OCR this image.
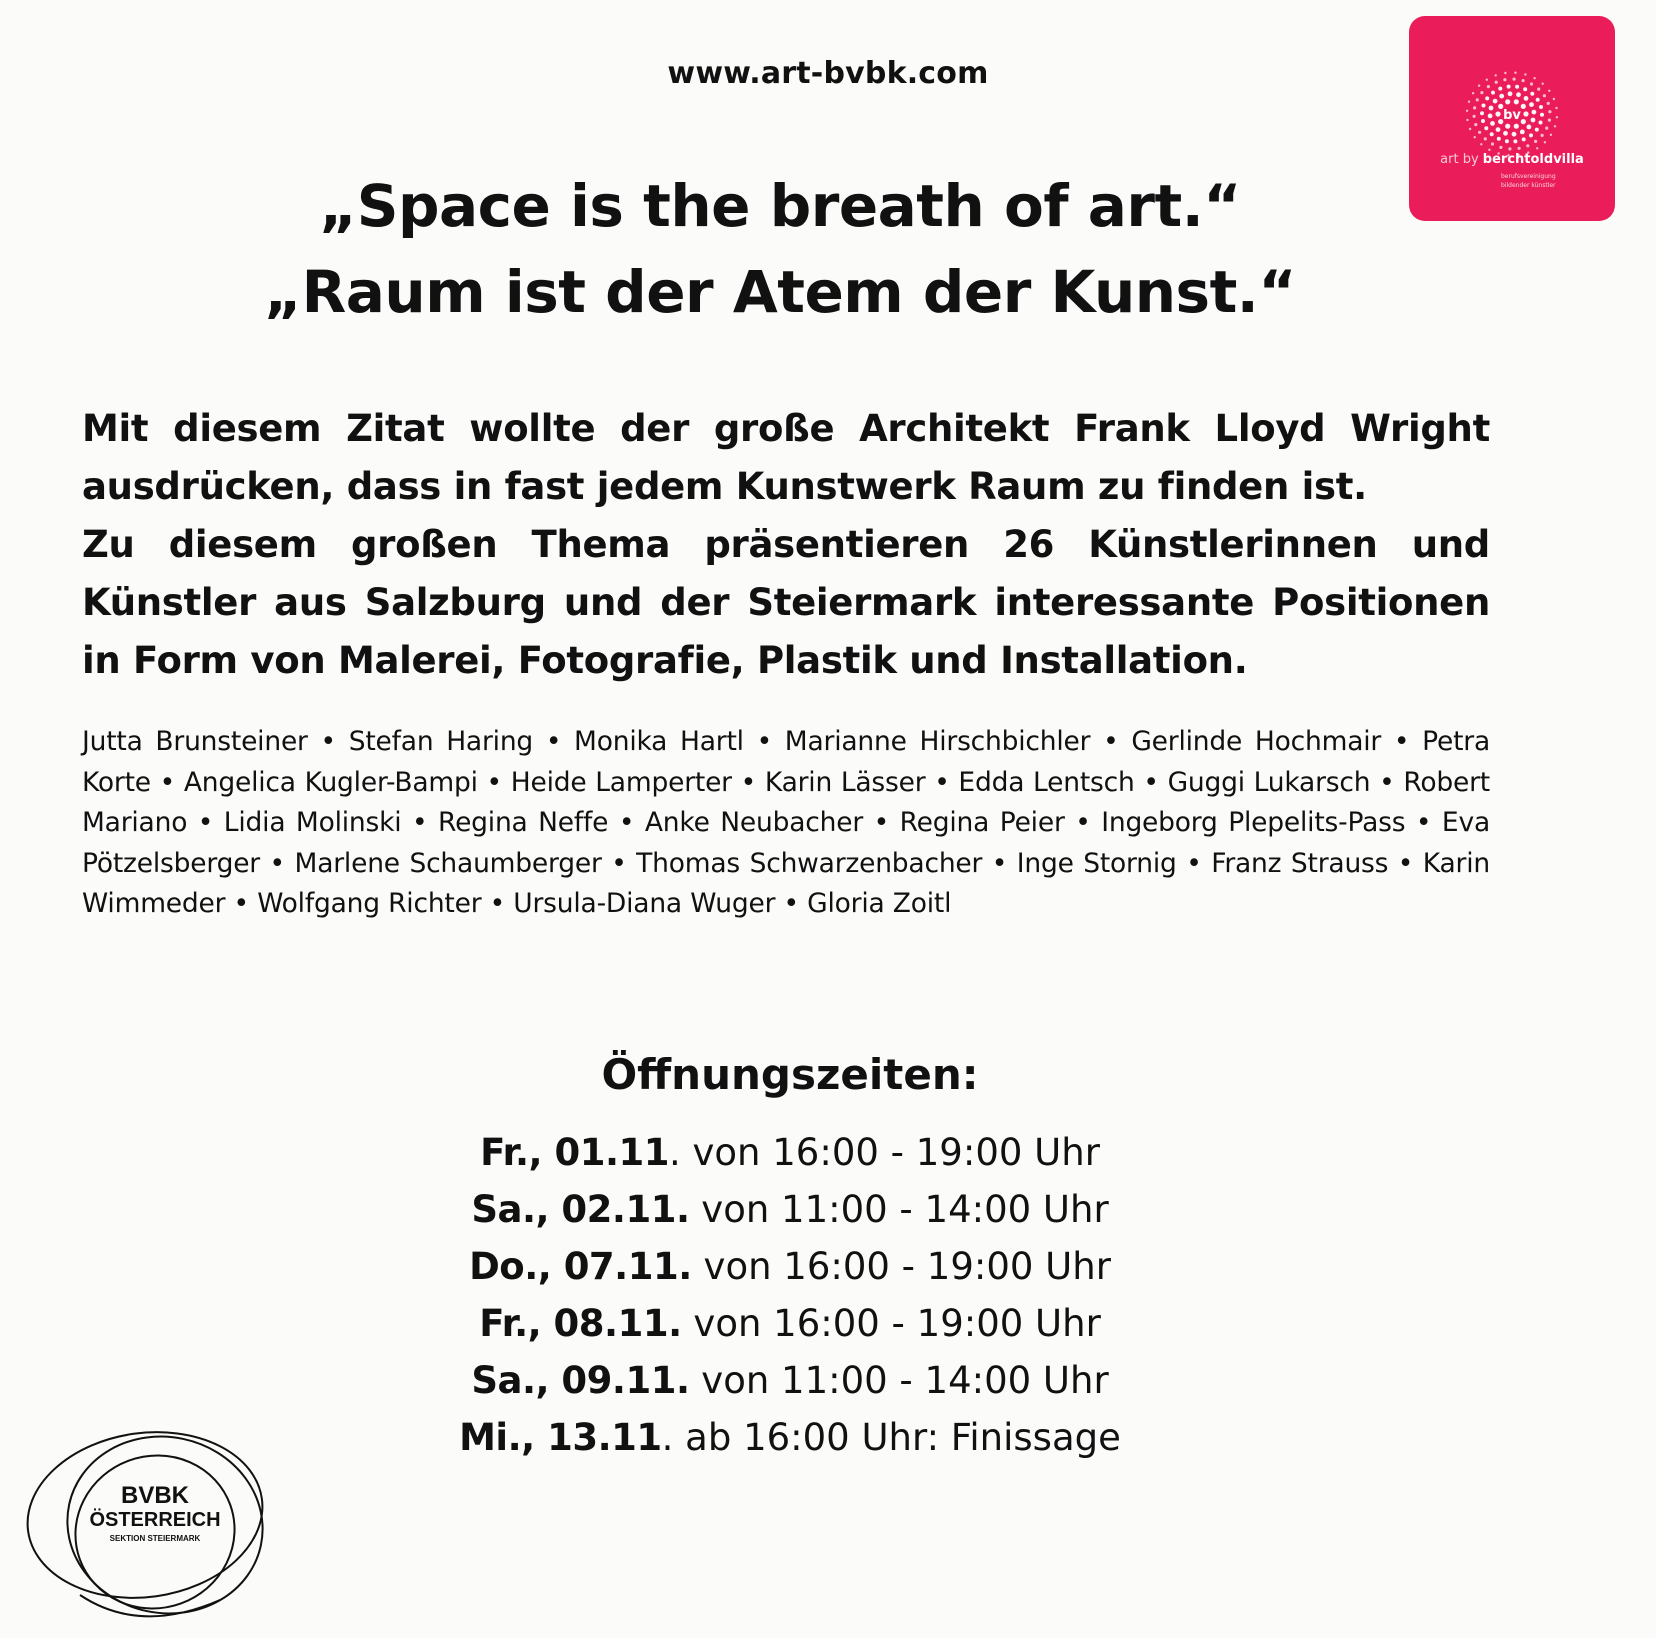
www.art-bvbk.com
bv
art by berchtoldvilla
berufsvereinigung
bildender künstler
„Space is the breath of art.“
„Raum ist der Atem der Kunst.“

Mit diesem Zitat wollte der große Architekt Frank Lloyd Wright ausdrücken, dass in fast jedem Kunstwerk Raum zu finden ist.

Zu diesem großen Thema präsentieren 26 Künstlerinnen und Künstler aus Salzburg und der Steiermark interessante Positionen in Form von Malerei, Fotografie, Plastik und Installation.

Jutta Brunsteiner • Stefan Haring • Monika Hartl • Marianne Hirschbichler • Gerlinde Hochmair • Petra Korte • Angelica Kugler-Bampi • Heide Lamperter • Karin Lässer • Edda Lentsch • Guggi Lukarsch • Robert Mariano • Lidia Molinski • Regina Neffe • Anke Neubacher • Regina Peier • Ingeborg Plepelits-Pass • Eva Pötzelsberger • Marlene Schaumberger • Thomas Schwarzenbacher • Inge Stornig • Franz Strauss • Karin Wimmeder • Wolfgang Richter • Ursula-Diana Wuger • Gloria Zoitl
Öffnungszeiten:
Fr., 01.11. von 16:00 - 19:00 Uhr
Sa., 02.11. von 11:00 - 14:00 Uhr
Do., 07.11. von 16:00 - 19:00 Uhr
Fr., 08.11. von 16:00 - 19:00 Uhr
Sa., 09.11. von 11:00 - 14:00 Uhr
Mi., 13.11. ab 16:00 Uhr: Finissage
BVBK
ÖSTERREICH
SEKTION STEIERMARK
